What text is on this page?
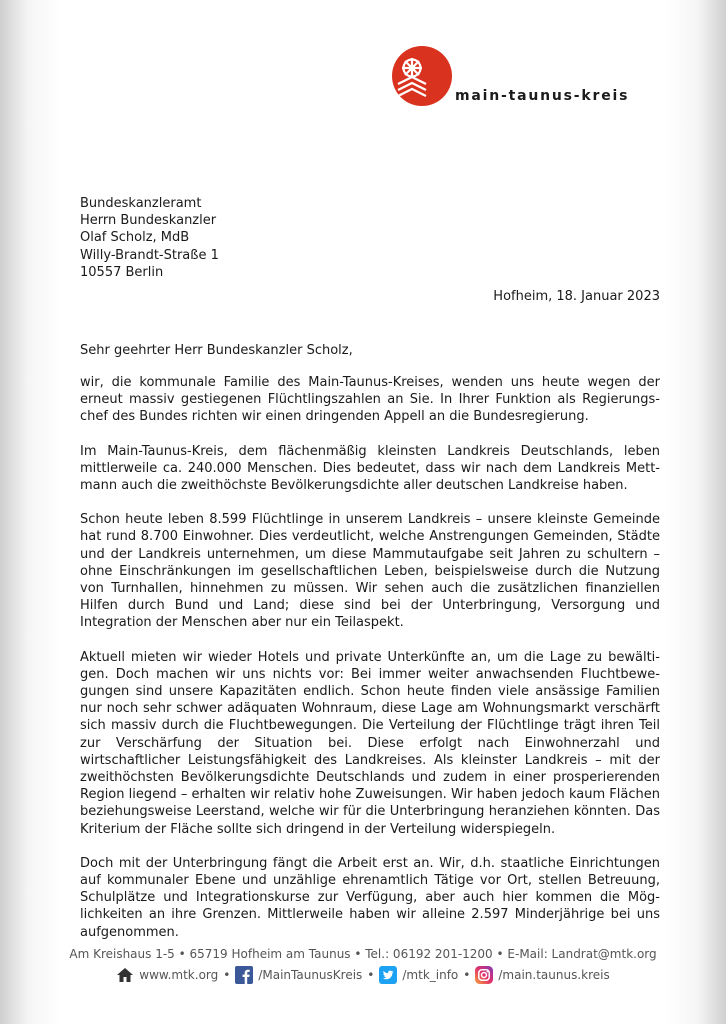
main-taunus-kreis
Bundeskanzleramt
Herrn Bundeskanzler
Olaf Scholz, MdB
Willy-Brandt-Straße 1
10557 Berlin
Hofheim, 18. Januar 2023
Sehr geehrter Herr Bundeskanzler Scholz,

wir, die kommunale Familie des Main-Taunus-Kreises, wenden uns heute wegen der erneut massiv gestiegenen Flüchtlingszahlen an Sie. In Ihrer Funktion als Regierungschef des Bundes richten wir einen dringenden Appell an die Bundesregierung.

Im Main-Taunus-Kreis, dem flächenmäßig kleinsten Landkreis Deutschlands, leben mittlerweile ca. 240.000 Menschen. Dies bedeutet, dass wir nach dem Landkreis Mettmann auch die zweithöchste Bevölkerungsdichte aller deutschen Landkreise haben.

Schon heute leben 8.599 Flüchtlinge in unserem Landkreis – unsere kleinste Gemeinde hat rund 8.700 Einwohner. Dies verdeutlicht, welche Anstrengungen Gemeinden, Städte und der Landkreis unternehmen, um diese Mammutaufgabe seit Jahren zu schultern – ohne Einschränkungen im gesellschaftlichen Leben, beispielsweise durch die Nutzung von Turnhallen, hinnehmen zu müssen. Wir sehen auch die zusätzlichen finanziellen Hilfen durch Bund und Land; diese sind bei der Unterbringung, Versorgung und Integration der Menschen aber nur ein Teilaspekt.

Aktuell mieten wir wieder Hotels und private Unterkünfte an, um die Lage zu bewältigen. Doch machen wir uns nichts vor: Bei immer weiter anwachsenden Fluchtbewegungen sind unsere Kapazitäten endlich. Schon heute finden viele ansässige Familien nur noch sehr schwer adäquaten Wohnraum, diese Lage am Wohnungsmarkt verschärft sich massiv durch die Fluchtbewegungen. Die Verteilung der Flüchtlinge trägt ihren Teil zur Verschärfung der Situation bei. Diese erfolgt nach Einwohnerzahl und wirtschaftlicher Leistungsfähigkeit des Landkreises. Als kleinster Landkreis – mit der zweithöchsten Bevölkerungsdichte Deutschlands und zudem in einer prosperierenden Region liegend – erhalten wir relativ hohe Zuweisungen. Wir haben jedoch kaum Flächen beziehungsweise Leerstand, welche wir für die Unterbringung heranziehen könnten. Das Kriterium der Fläche sollte sich dringend in der Verteilung widerspiegeln.

Doch mit der Unterbringung fängt die Arbeit erst an. Wir, d.h. staatliche Einrichtungen auf kommunaler Ebene und unzählige ehrenamtlich Tätige vor Ort, stellen Betreuung, Schulplätze und Integrationskurse zur Verfügung, aber auch hier kommen die Möglichkeiten an ihre Grenzen. Mittlerweile haben wir alleine 2.597 Minderjährige bei uns aufgenommen.

Am Kreishaus 1-5 • 65719 Hofheim am Taunus • Tel.: 06192 201-1200 • E-Mail: Landrat@mtk.org
www.mtk.org • /MainTaunusKreis • /mtk_info • /main.taunus.kreis
